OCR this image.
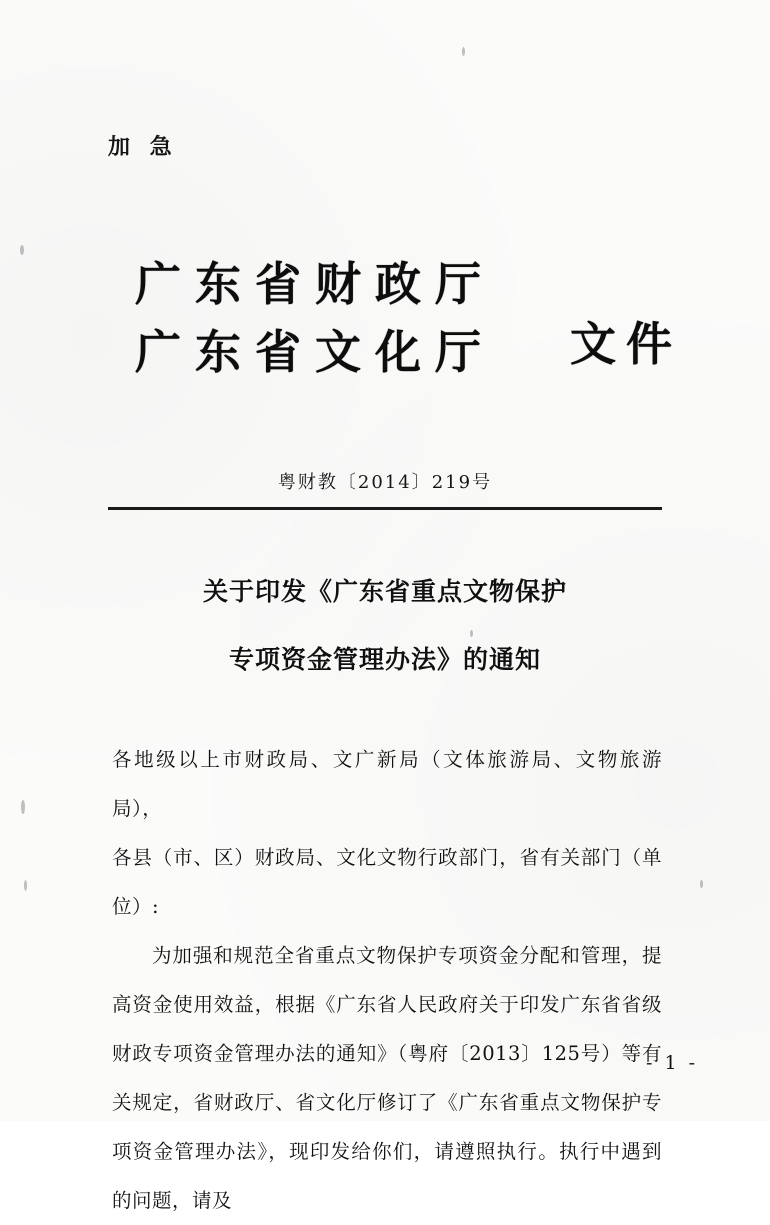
加 急
广东省财政厅
广东省文化厅 文件
粤财教〔2014〕219号
关于印发《广东省重点文物保护
专项资金管理办法》的通知

各地级以上市财政局、文广新局（文体旅游局、文物旅游局），

各县（市、区）财政局、文化文物行政部门，省有关部门（单位）:

为加强和规范全省重点文物保护专项资金分配和管理，提高资金使用效益，根据《广东省人民政府关于印发广东省省级财政专项资金管理办法的通知》（粤府〔2013〕125号）等有关规定，省财政厅、省文化厅修订了《广东省重点文物保护专项资金管理办法》，现印发给你们，请遵照执行。执行中遇到的问题，请及

- 1 -
